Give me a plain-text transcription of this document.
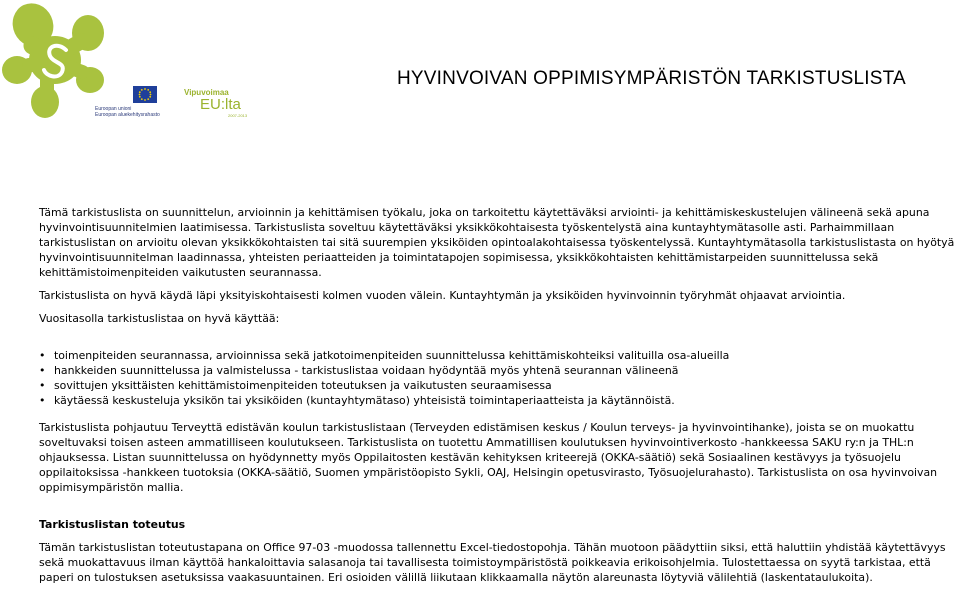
Euroopan unioni
Euroopan aluekehitysrahasto
Vipuvoimaa
EU:lta
2007-2013
HYVINVOIVAN OPPIMISYMPÄRISTÖN TARKISTUSLISTA

Tämä tarkistuslista on suunnittelun, arvioinnin ja kehittämisen työkalu, joka on tarkoitettu käytettäväksi arviointi- ja kehittämiskeskustelujen välineenä sekä apuna hyvinvointisuunnitelmien laatimisessa. Tarkistuslista soveltuu käytettäväksi yksikkökohtaisesta työskentelystä aina kuntayhtymätasolle asti. Parhaimmillaan tarkistuslistan on arvioitu olevan yksikkökohtaisten tai sitä suurempien yksiköiden opintoalakohtaisessa työskentelyssä. Kuntayhtymätasolla tarkistuslistasta on hyötyä hyvinvointisuunnitelman laadinnassa, yhteisten periaatteiden ja toimintatapojen sopimisessa, yksikkökohtaisten kehittämistarpeiden suunnittelussa sekä kehittämistoimenpiteiden vaikutusten seurannassa.

Tarkistuslista on hyvä käydä läpi yksityiskohtaisesti kolmen vuoden välein. Kuntayhtymän ja yksiköiden hyvinvoinnin työryhmät ohjaavat arviointia.

Vuositasolla tarkistuslistaa on hyvä käyttää:

• toimenpiteiden seurannassa, arvioinnissa sekä jatkotoimenpiteiden suunnittelussa kehittämiskohteiksi valituilla osa-alueilla
• hankkeiden suunnittelussa ja valmistelussa - tarkistuslistaa voidaan hyödyntää myös yhtenä seurannan välineenä
• sovittujen yksittäisten kehittämistoimenpiteiden toteutuksen ja vaikutusten seuraamisessa
• käytäessä keskusteluja yksikön tai yksiköiden (kuntayhtymätaso) yhteisistä toimintaperiaatteista ja käytännöistä.

Tarkistuslista pohjautuu Terveyttä edistävän koulun tarkistuslistaan (Terveyden edistämisen keskus / Koulun terveys- ja hyvinvointihanke), joista se on muokattu soveltuvaksi toisen asteen ammatilliseen koulutukseen. Tarkistuslista on tuotettu Ammatillisen koulutuksen hyvinvointiverkosto -hankkeessa SAKU ry:n ja THL:n ohjauksessa. Listan suunnittelussa on hyödynnetty myös Oppilaitosten kestävän kehityksen kriteerejä (OKKA-säätiö) sekä Sosiaalinen kestävyys ja työsuojelu oppilaitoksissa -hankkeen tuotoksia (OKKA-säätiö, Suomen ympäristöopisto Sykli, OAJ, Helsingin opetusvirasto, Työsuojelurahasto). Tarkistuslista on osa hyvinvoivan oppimisympäristön mallia.

Tarkistuslistan toteutus

Tämän tarkistuslistan toteutustapana on Office 97-03 -muodossa tallennettu Excel-tiedostopohja. Tähän muotoon päädyttiin siksi, että haluttiin yhdistää käytettävyys sekä muokattavuus ilman käyttöä hankaloittavia salasanoja tai tavallisesta toimistoympäristöstä poikkeavia erikoisohjelmia. Tulostettaessa on syytä tarkistaa, että paperi on tulostuksen asetuksissa vaakasuuntainen. Eri osioiden välillä liikutaan klikkaamalla näytön alareunasta löytyviä välilehtiä (laskentataulukoita).
